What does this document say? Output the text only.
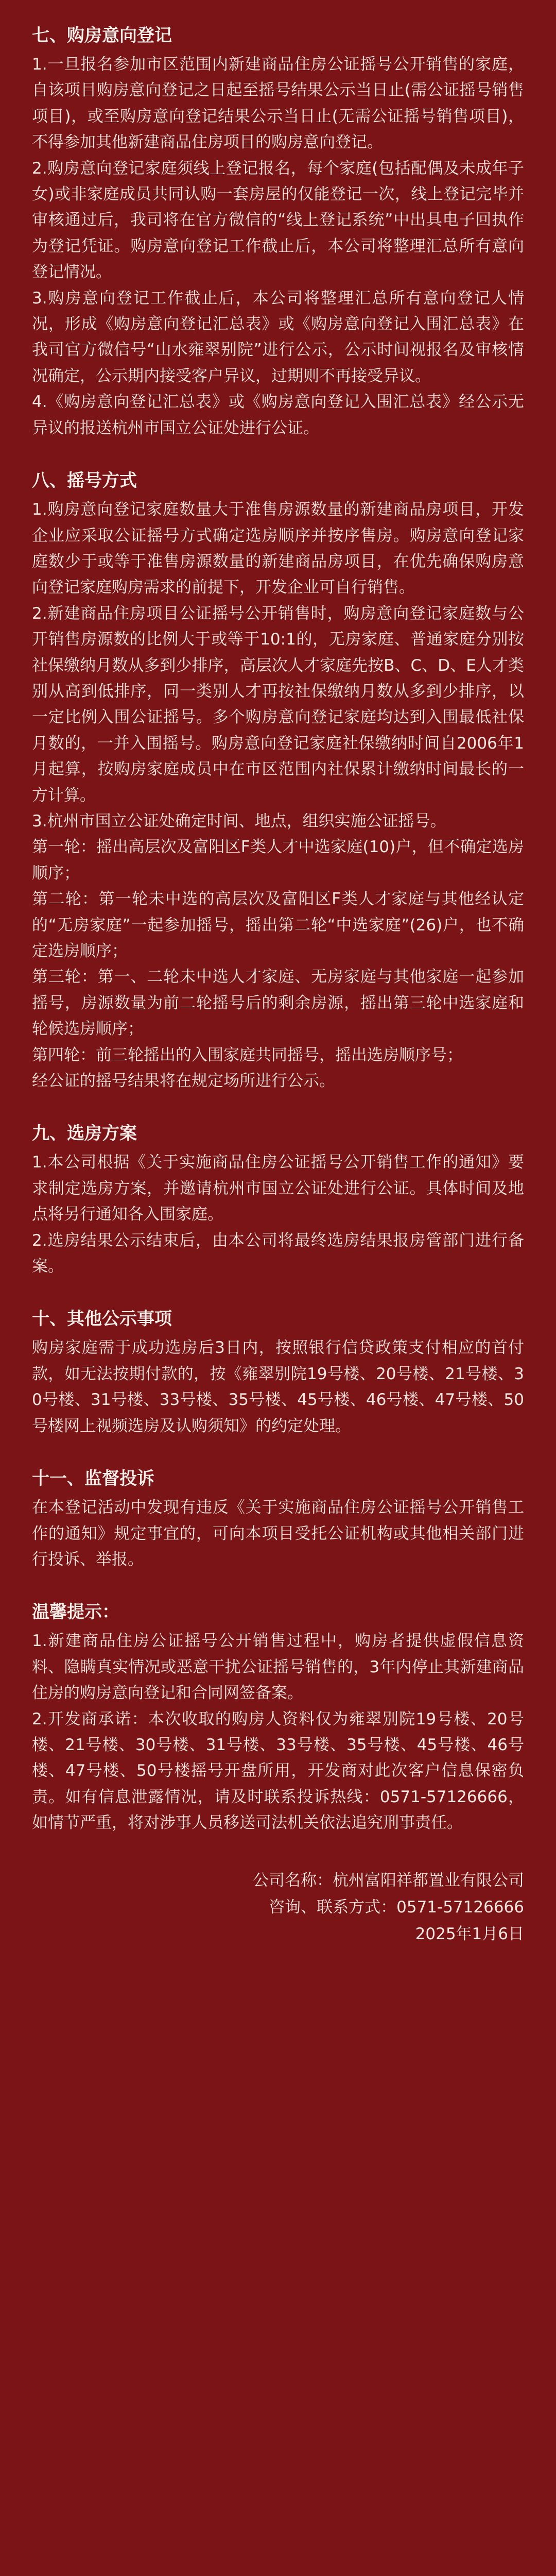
七、购房意向登记

1.一旦报名参加市区范围内新建商品住房公证摇号公开销售的家庭，自该项目购房意向登记之日起至摇号结果公示当日止(需公证摇号销售项目)，或至购房意向登记结果公示当日止(无需公证摇号销售项目)，不得参加其他新建商品住房项目的购房意向登记。

2.购房意向登记家庭须线上登记报名，每个家庭(包括配偶及未成年子女)或非家庭成员共同认购一套房屋的仅能登记一次，线上登记完毕并审核通过后，我司将在官方微信的“线上登记系统”中出具电子回执作为登记凭证。购房意向登记工作截止后，本公司将整理汇总所有意向登记情况。

3.购房意向登记工作截止后，本公司将整理汇总所有意向登记人情况，形成《购房意向登记汇总表》或《购房意向登记入围汇总表》在我司官方微信号“山水雍翠别院”进行公示，公示时间视报名及审核情况确定，公示期内接受客户异议，过期则不再接受异议。

4.《购房意向登记汇总表》或《购房意向登记入围汇总表》经公示无异议的报送杭州市国立公证处进行公证。

八、摇号方式

1.购房意向登记家庭数量大于准售房源数量的新建商品房项目，开发企业应采取公证摇号方式确定选房顺序并按序售房。购房意向登记家庭数少于或等于准售房源数量的新建商品房项目，在优先确保购房意向登记家庭购房需求的前提下，开发企业可自行销售。

2.新建商品住房项目公证摇号公开销售时，购房意向登记家庭数与公开销售房源数的比例大于或等于10:1的，无房家庭、普通家庭分别按社保缴纳月数从多到少排序，高层次人才家庭先按B、C、D、E人才类别从高到低排序，同一类别人才再按社保缴纳月数从多到少排序，以一定比例入围公证摇号。多个购房意向登记家庭均达到入围最低社保月数的，一并入围摇号。购房意向登记家庭社保缴纳时间自2006年1月起算，按购房家庭成员中在市区范围内社保累计缴纳时间最长的一方计算。

3.杭州市国立公证处确定时间、地点，组织实施公证摇号。

第一轮：摇出高层次及富阳区F类人才中选家庭(10)户，但不确定选房顺序；

第二轮：第一轮未中选的高层次及富阳区F类人才家庭与其他经认定的“无房家庭”一起参加摇号，摇出第二轮“中选家庭”(26)户，也不确定选房顺序；

第三轮：第一、二轮未中选人才家庭、无房家庭与其他家庭一起参加摇号，房源数量为前二轮摇号后的剩余房源，摇出第三轮中选家庭和轮候选房顺序；

第四轮：前三轮摇出的入围家庭共同摇号，摇出选房顺序号；

经公证的摇号结果将在规定场所进行公示。

九、选房方案

1.本公司根据《关于实施商品住房公证摇号公开销售工作的通知》要求制定选房方案，并邀请杭州市国立公证处进行公证。具体时间及地点将另行通知各入围家庭。

2.选房结果公示结束后，由本公司将最终选房结果报房管部门进行备案。

十、其他公示事项

购房家庭需于成功选房后3日内，按照银行信贷政策支付相应的首付款，如无法按期付款的，按《雍翠别院19号楼、20号楼、21号楼、30号楼、31号楼、33号楼、35号楼、45号楼、46号楼、47号楼、50号楼网上视频选房及认购须知》的约定处理。

十一、监督投诉

在本登记活动中发现有违反《关于实施商品住房公证摇号公开销售工作的通知》规定事宜的，可向本项目受托公证机构或其他相关部门进行投诉、举报。

温馨提示：

1.新建商品住房公证摇号公开销售过程中，购房者提供虚假信息资料、隐瞒真实情况或恶意干扰公证摇号销售的，3年内停止其新建商品住房的购房意向登记和合同网签备案。

2.开发商承诺：本次收取的购房人资料仅为雍翠别院19号楼、20号楼、21号楼、30号楼、31号楼、33号楼、35号楼、45号楼、46号楼、47号楼、50号楼摇号开盘所用，开发商对此次客户信息保密负责。如有信息泄露情况，请及时联系投诉热线：0571-57126666，如情节严重，将对涉事人员移送司法机关依法追究刑事责任。

公司名称：杭州富阳祥都置业有限公司
咨询、联系方式：0571-57126666
2025年1月6日
